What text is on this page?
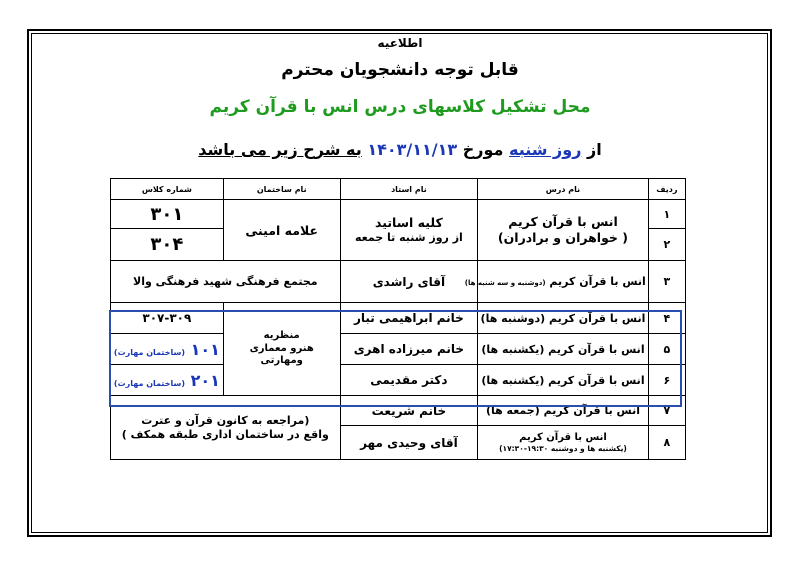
اطلاعیه
قابل توجه دانشجویان محترم
محل تشکیل کلاسهای درس انس با قرآن کریم
از روز شنبه مورخ ۱۴۰۳/۱۱/۱۳ به شرح زیر می باشد
ردیف	نام درس	نام استاد	نام ساختمان	شماره کلاس
۱	انس با قرآن کریم
( خواهران و برادران)	کلیه اساتید
از روز شنبه تا جمعه	علامه امینی	۳۰۱
۲				۳۰۴
۳	انس با قرآن کریم (دوشنبه و سه شنبه ها)	آقای راشدی	مجتمع فرهنگی شهید فرهنگی والا	
۴	انس با قرآن کریم (دوشنبه ها)	خانم ابراهیمی تبار	منظریه
هنرو معماری
ومهارتی	۳۰۷-۳۰۹
۵	انس با قرآن کریم (یکشنبه ها)	خانم میرزاده اهری		۱۰۱ (ساختمان مهارت)
۶	انس با قرآن کریم (یکشنبه ها)	دکتر مقدیمی		۲۰۱ (ساختمان مهارت)
۷	انس با قرآن کریم (جمعه ها)	خانم شریعت	(مراجعه به کانون قرآن و عترت
واقع در ساختمان اداری طبقه همکف )	

۸	انس با قرآن کریم
(یکشنبه ها و دوشنبه ۱۹:۳۰-۱۷:۳۰)	آقای وحیدی مهر		
